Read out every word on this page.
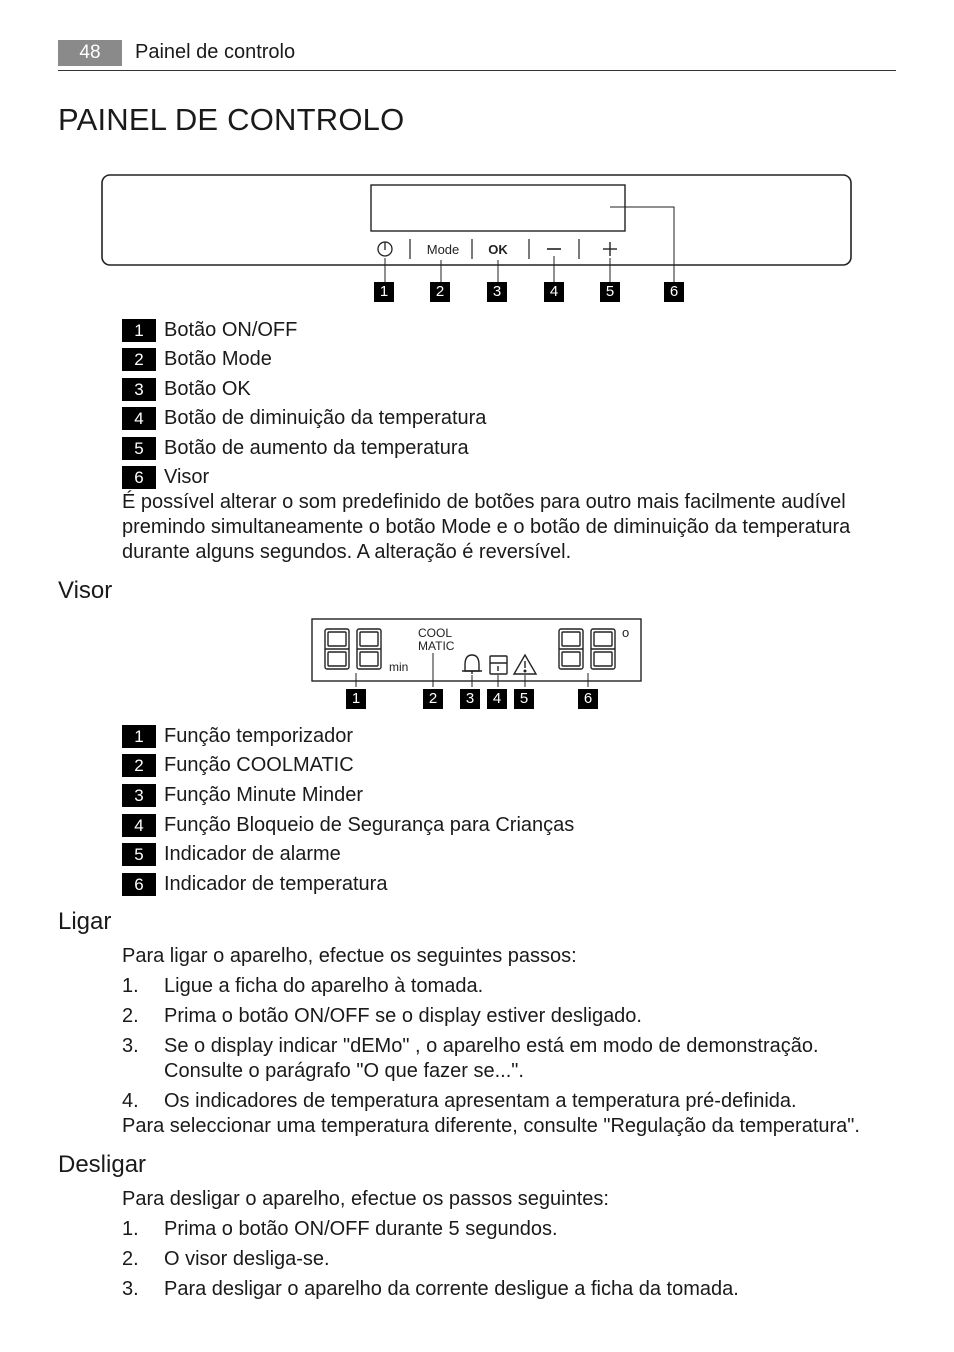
48	Painel de controlo
PAINEL DE CONTROLO
Mode OK
1	2	3	4	5	6
1 Botão ON/OFF
2 Botão Mode
3 Botão OK
4 Botão de diminuição da temperatura
5 Botão de aumento da temperatura
6 Visor
É possível alterar o som predefinido de botões para outro mais facilmente audível premindo simultaneamente o botão Mode e o botão de diminuição da temperatura durante alguns segundos. A alteração é reversível.
Visor
min
COOL
MATIC
o
1	2	3	4	5	6
1 Função temporizador
2 Função COOLMATIC
3 Função Minute Minder
4 Função Bloqueio de Segurança para Crianças
5 Indicador de alarme
6 Indicador de temperatura
Ligar
Para ligar o aparelho, efectue os seguintes passos:
1. Ligue a ficha do aparelho à tomada.
2. Prima o botão ON/OFF se o display estiver desligado.
3. Se o display indicar "dEMo" , o aparelho está em modo de demonstração. Consulte o parágrafo "O que fazer se...".
4. Os indicadores de temperatura apresentam a temperatura pré-definida.
Para seleccionar uma temperatura diferente, consulte "Regulação da temperatura".
Desligar
Para desligar o aparelho, efectue os passos seguintes:
1. Prima o botão ON/OFF durante 5 segundos.
2. O visor desliga-se.
3. Para desligar o aparelho da corrente desligue a ficha da tomada.
